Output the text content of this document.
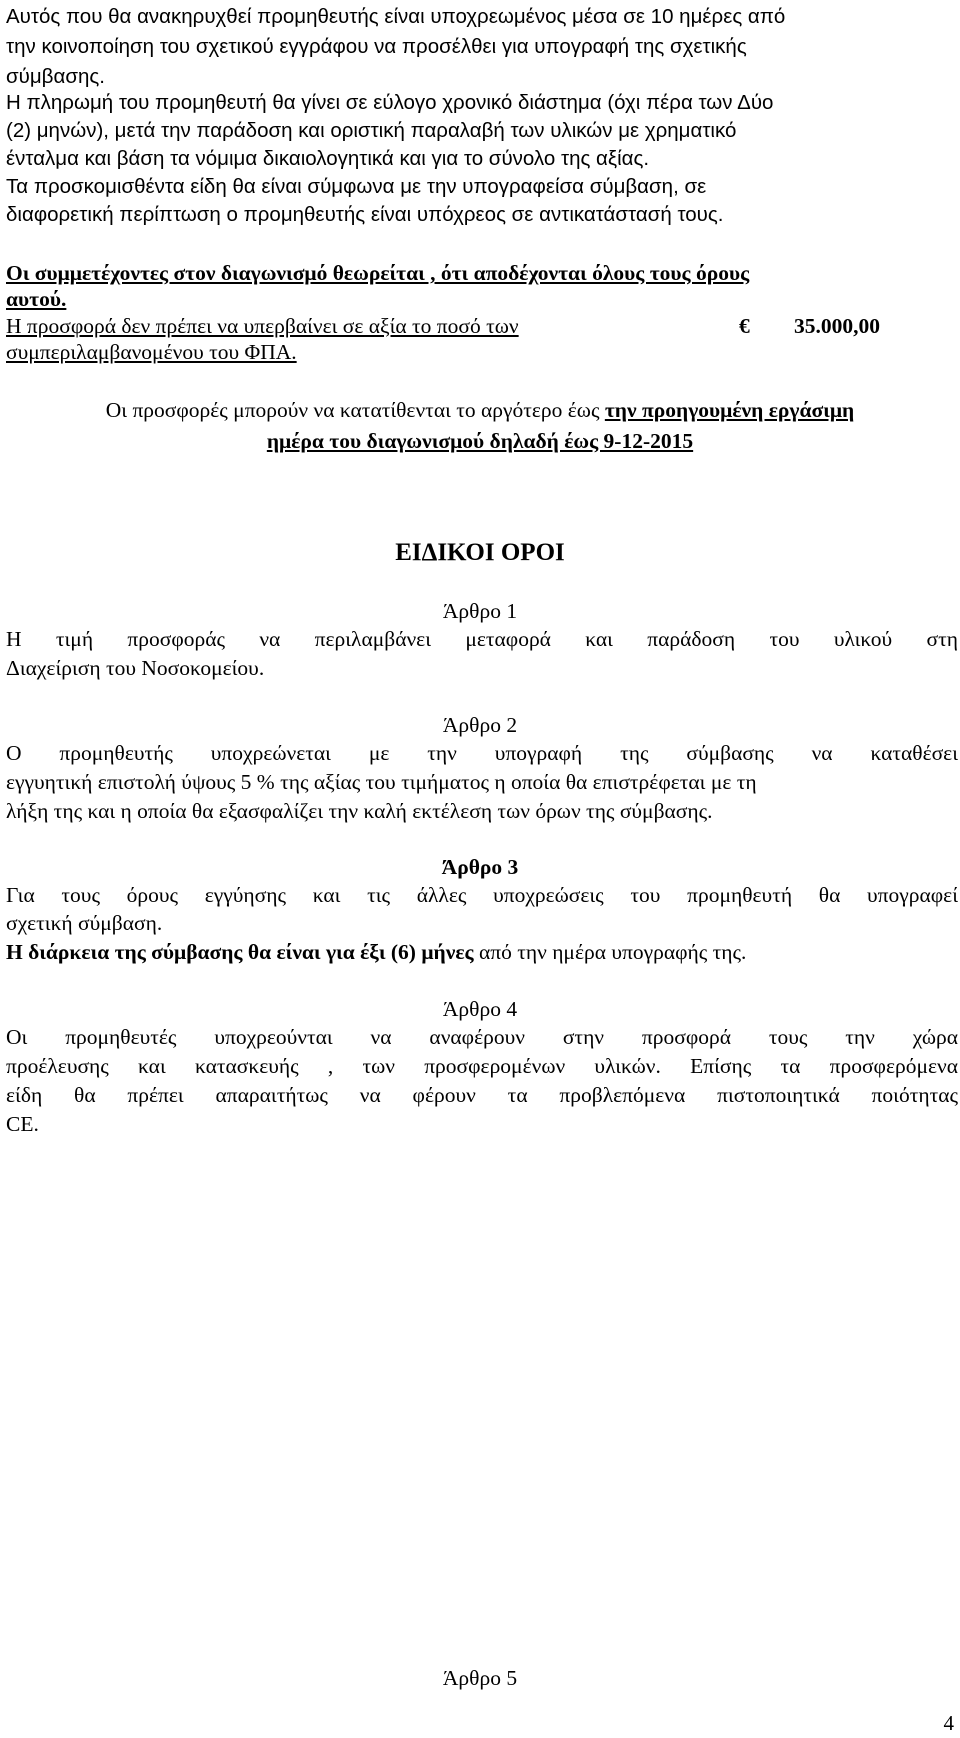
Αυτός που θα ανακηρυχθεί προμηθευτής είναι υποχρεωμένος μέσα σε 10 ημέρες από
την κοινοποίηση του σχετικού εγγράφου να προσέλθει για υπογραφή της σχετικής
σύμβασης.
Η πληρωμή του προμηθευτή θα γίνει σε εύλογο χρονικό διάστημα (όχι πέρα των Δύο
(2) μηνών), μετά την παράδοση και οριστική παραλαβή των υλικών με χρηματικό
ένταλμα και βάση τα νόμιμα δικαιολογητικά και για το σύνολο της αξίας.
Τα προσκομισθέντα είδη θα είναι σύμφωνα με την υπογραφείσα σύμβαση, σε
διαφορετική περίπτωση ο προμηθευτής είναι υπόχρεος σε αντικατάστασή τους.
Οι συμμετέχοντες στον διαγωνισμό θεωρείται , ότι αποδέχονται όλους τους όρους
αυτού.
Η προσφορά δεν πρέπει να υπερβαίνει σε αξία το ποσό των	€ 35.000,00
συμπεριλαμβανομένου του ΦΠΑ.
Οι προσφορές μπορούν να κατατίθενται το αργότερο έως την προηγουμένη εργάσιμη
ημέρα του διαγωνισμού δηλαδή έως 9-12-2015
ΕΙΔΙΚΟΙ ΟΡΟΙ
Άρθρο 1
Η τιμή προσφοράς να περιλαμβάνει μεταφορά και παράδοση του υλικού στη
Διαχείριση του Νοσοκομείου.
Άρθρο 2
Ο προμηθευτής υποχρεώνεται με την υπογραφή της σύμβασης να καταθέσει
εγγυητική επιστολή ύψους 5 % της αξίας του τιμήματος η οποία θα επιστρέφεται με τη
λήξη της και η οποία θα εξασφαλίζει την καλή εκτέλεση των όρων της σύμβασης.
Άρθρο 3
Για τους όρους εγγύησης και τις άλλες υποχρεώσεις του προμηθευτή θα υπογραφεί
σχετική σύμβαση.
Η διάρκεια της σύμβασης θα είναι για έξι (6) μήνες από την ημέρα υπογραφής της.
Άρθρο 4
Οι προμηθευτές υποχρεούνται να αναφέρουν στην προσφορά τους την χώρα
προέλευσης και κατασκευής , των προσφερομένων υλικών. Επίσης τα προσφερόμενα
είδη θα πρέπει απαραιτήτως να φέρουν τα προβλεπόμενα πιστοποιητικά ποιότητας
CE.
Άρθρο 5
4
